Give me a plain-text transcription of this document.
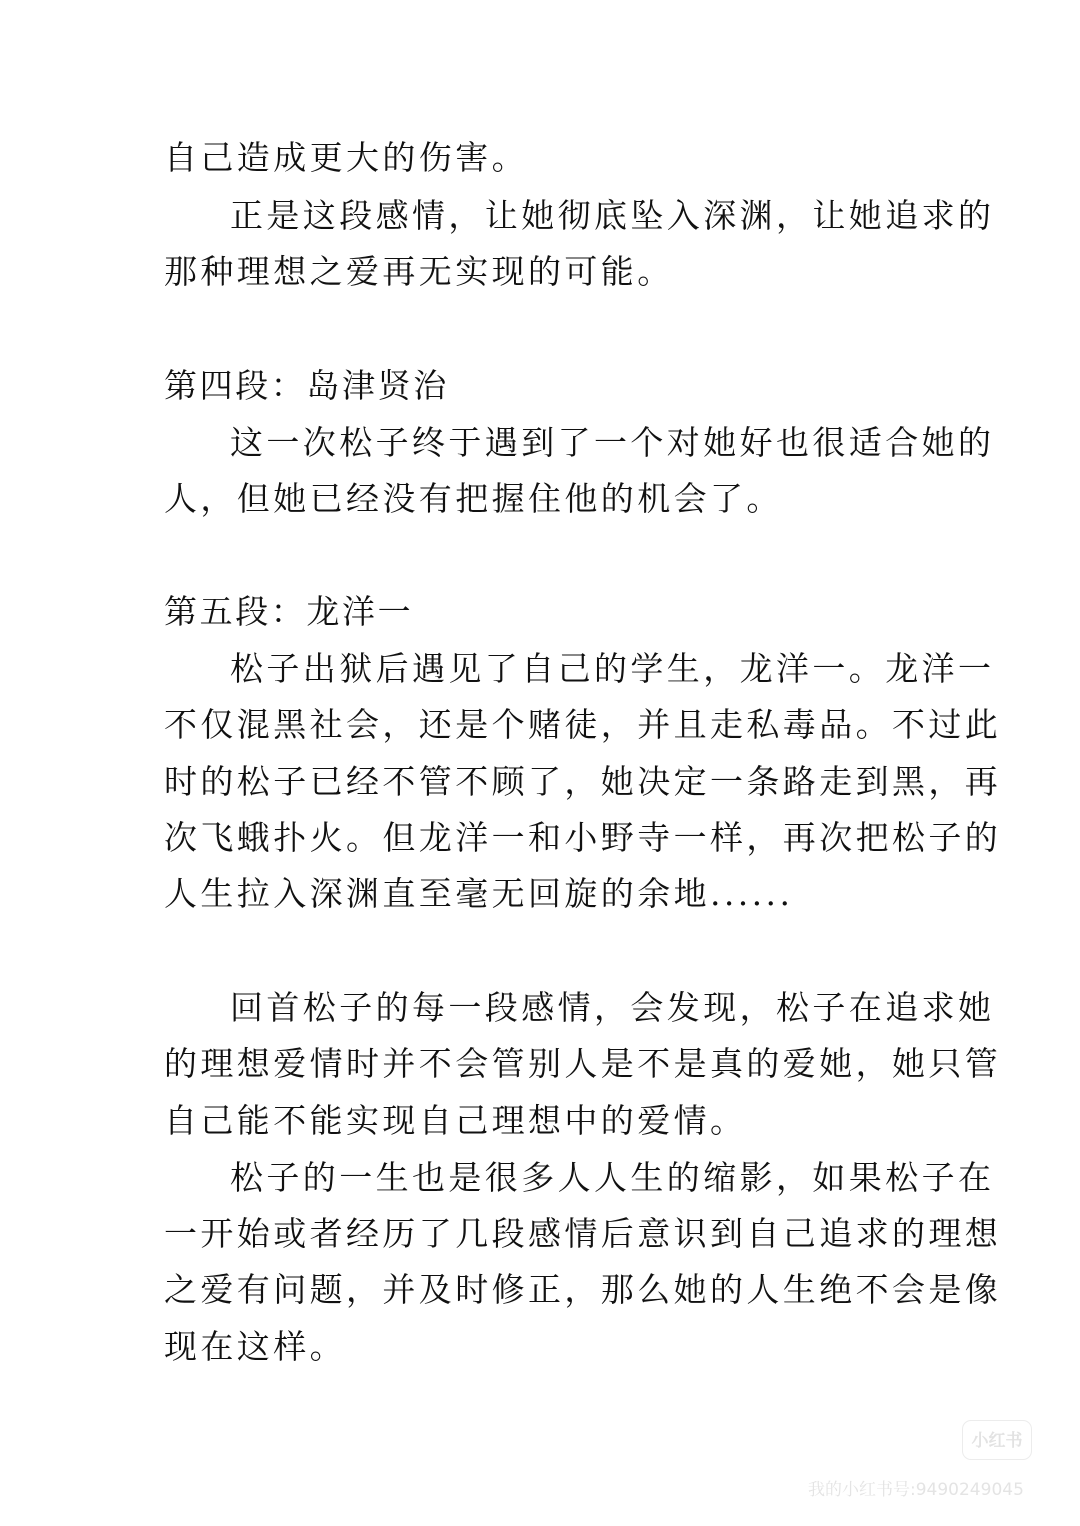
自己造成更大的伤害。
正是这段感情，让她彻底坠入深渊，让她追求的
那种理想之爱再无实现的可能。
第四段：岛津贤治
这一次松子终于遇到了一个对她好也很适合她的
人，但她已经没有把握住他的机会了。
第五段：龙洋一
松子出狱后遇见了自己的学生，龙洋一。龙洋一
不仅混黑社会，还是个赌徒，并且走私毒品。不过此
时的松子已经不管不顾了，她决定一条路走到黑，再
次飞蛾扑火。但龙洋一和小野寺一样，再次把松子的
人生拉入深渊直至毫无回旋的余地......
回首松子的每一段感情，会发现，松子在追求她
的理想爱情时并不会管别人是不是真的爱她，她只管
自己能不能实现自己理想中的爱情。
松子的一生也是很多人人生的缩影，如果松子在
一开始或者经历了几段感情后意识到自己追求的理想
之爱有问题，并及时修正，那么她的人生绝不会是像
现在这样。
小红书
我的小红书号:9490249045
